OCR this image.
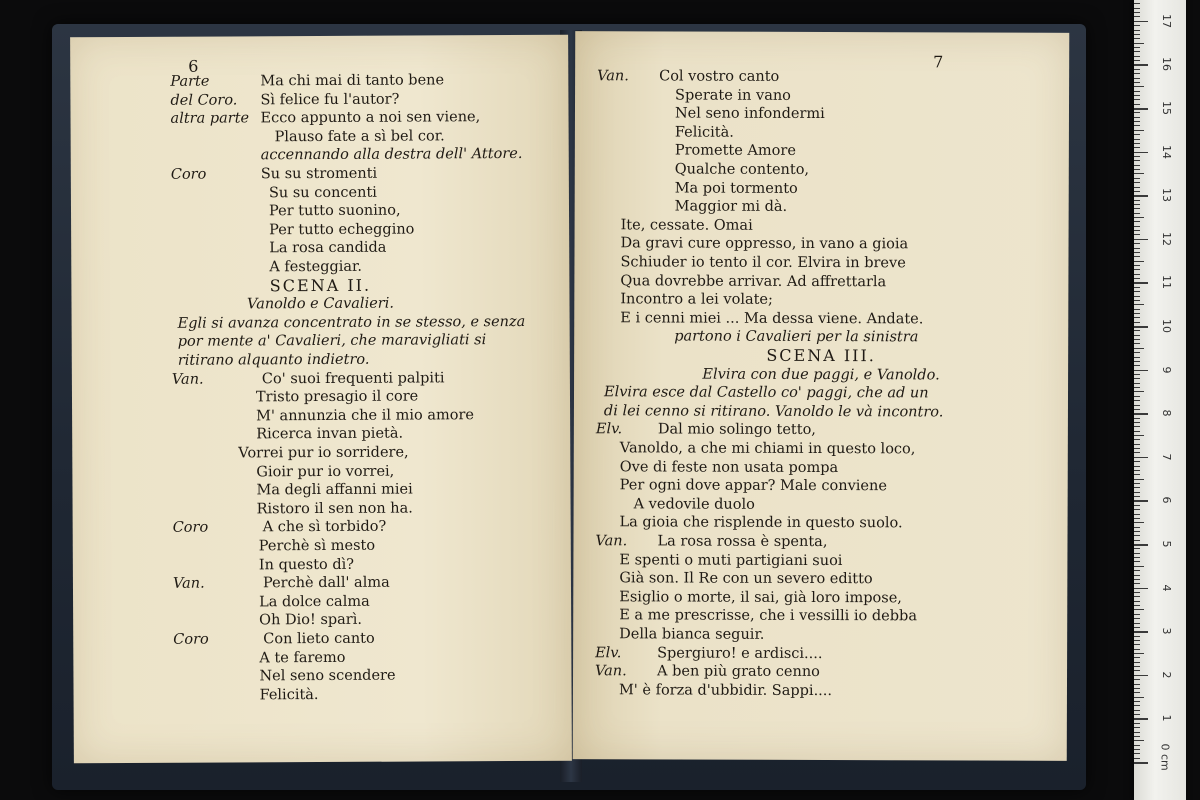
6
Parte	Ma chi mai di tanto bene
del Coro. Sì felice fu l'autor?
altra parte Ecco appunto a noi sen viene,
Plauso fate a sì bel cor.
accennando alla destra dell' Attore.
Coro	Su su stromenti
Su su concenti
Per tutto suonino,
Per tutto echeggino
La rosa candida
A festeggiar.
SCENA II.
Vanoldo e Cavalieri.
Egli si avanza concentrato in se stesso, e senza
por mente a' Cavalieri, che maravigliati si
ritirano alquanto indietro.
Van.	Co' suoi frequenti palpiti
Tristo presagio il core
M' annunzia che il mio amore
Ricerca invan pietà.
Vorrei pur io sorridere,
Gioir pur io vorrei,
Ma degli affanni miei
Ristoro il sen non ha.
Coro	A che sì torbido?
Perchè sì mesto
In questo dì?
Van.	Perchè dall' alma
La dolce calma
Oh Dio! sparì.
Coro	Con lieto canto
A te faremo
Nel seno scendere
Felicità.
7
Van. Col vostro canto
Sperate in vano
Nel seno infondermi
Felicità.
Promette Amore
Qualche contento,
Ma poi tormento
Maggior mi dà.
Ite, cessate. Omai
Da gravi cure oppresso, in vano a gioia
Schiuder io tento il cor. Elvira in breve
Qua dovrebbe arrivar. Ad affrettarla
Incontro a lei volate;
E i cenni miei ... Ma dessa viene. Andate.
partono i Cavalieri per la sinistra
SCENA III.
Elvira con due paggi, e Vanoldo.
Elvira esce dal Castello co' paggi, che ad un
di lei cenno si ritirano. Vanoldo le và incontro.
Elv. Dal mio solingo tetto,
Vanoldo, a che mi chiami in questo loco,
Ove di feste non usata pompa
Per ogni dove appar? Male conviene
A vedovile duolo
La gioia che risplende in questo suolo.
Van. La rosa rossa è spenta,
E spenti o muti partigiani suoi
Già son. Il Re con un severo editto
Esiglio o morte, il sai, già loro impose,
E a me prescrisse, che i vessilli io debba
Della bianca seguir.
Elv. Spergiuro! e ardisci....
Van. A ben più grato cenno
M' è forza d'ubbidir. Sappi....
0 cm
1
2
3
4
5
6
7
8
9
10
11
12
13
14
15
16
17
